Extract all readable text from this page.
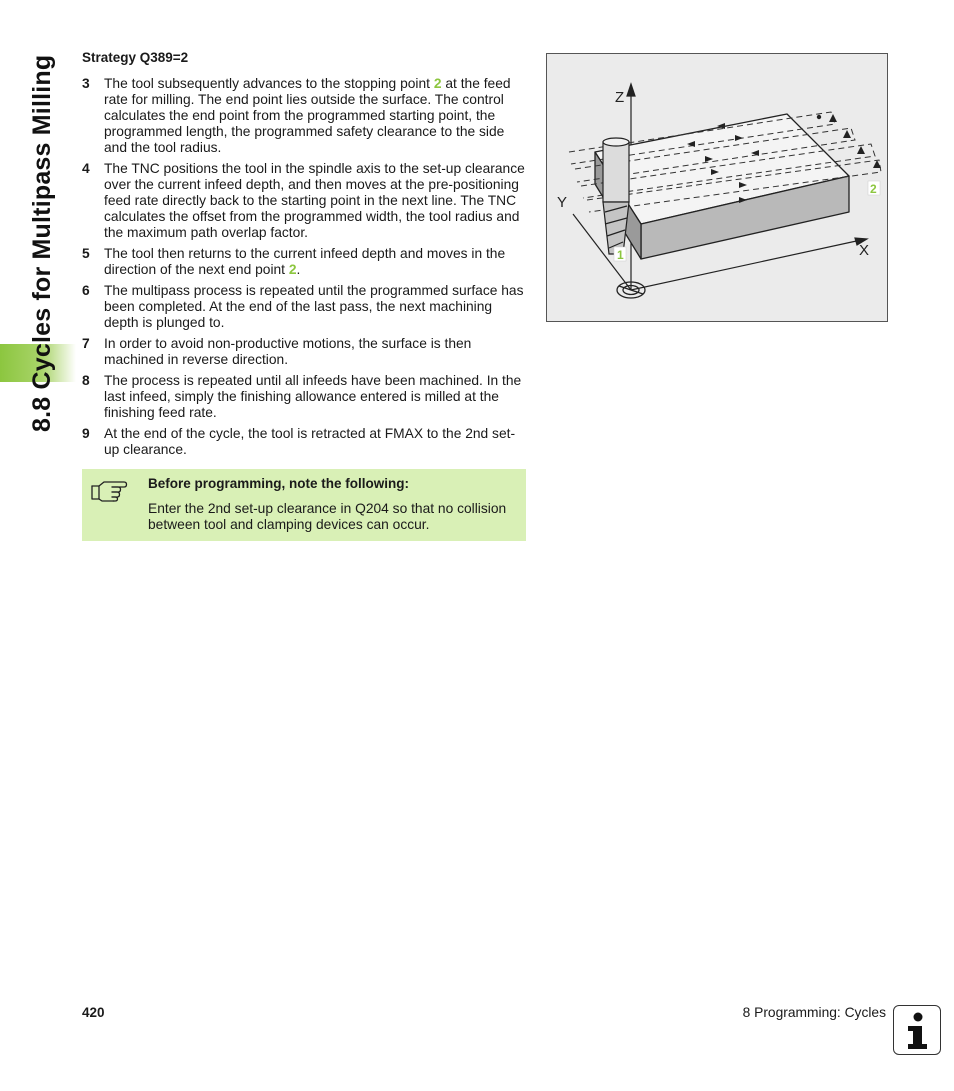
8.8 Cycles for Multipass Milling Strategy Q389=2
3	The tool subsequently advances to the stopping point 2 at the feed rate for milling. The end point lies outside the surface. The control calculates the end point from the programmed starting point, the programmed length, the programmed safety clearance to the side and the tool radius.
4	The TNC positions the tool in the spindle axis to the set-up clearance over the current infeed depth, and then moves at the pre-positioning feed rate directly back to the starting point in the next line. The TNC calculates the offset from the programmed width, the tool radius and the maximum path overlap factor.
5	The tool then returns to the current infeed depth and moves in the direction of the next end point 2.
6	The multipass process is repeated until the programmed surface has been completed. At the end of the last pass, the next machining depth is plunged to.
7	In order to avoid non-productive motions, the surface is then machined in reverse direction.
8	The process is repeated until all infeeds have been machined. In the last infeed, simply the finishing allowance entered is milled at the finishing feed rate.
9	At the end of the cycle, the tool is retracted at FMAX to the 2nd set-up clearance.
Before programming, note the following:
Enter the 2nd set-up clearance in Q204 so that no collision between tool and clamping devices can occur.
Z
Y
X
1
2
420	8 Programming: Cycles
i
